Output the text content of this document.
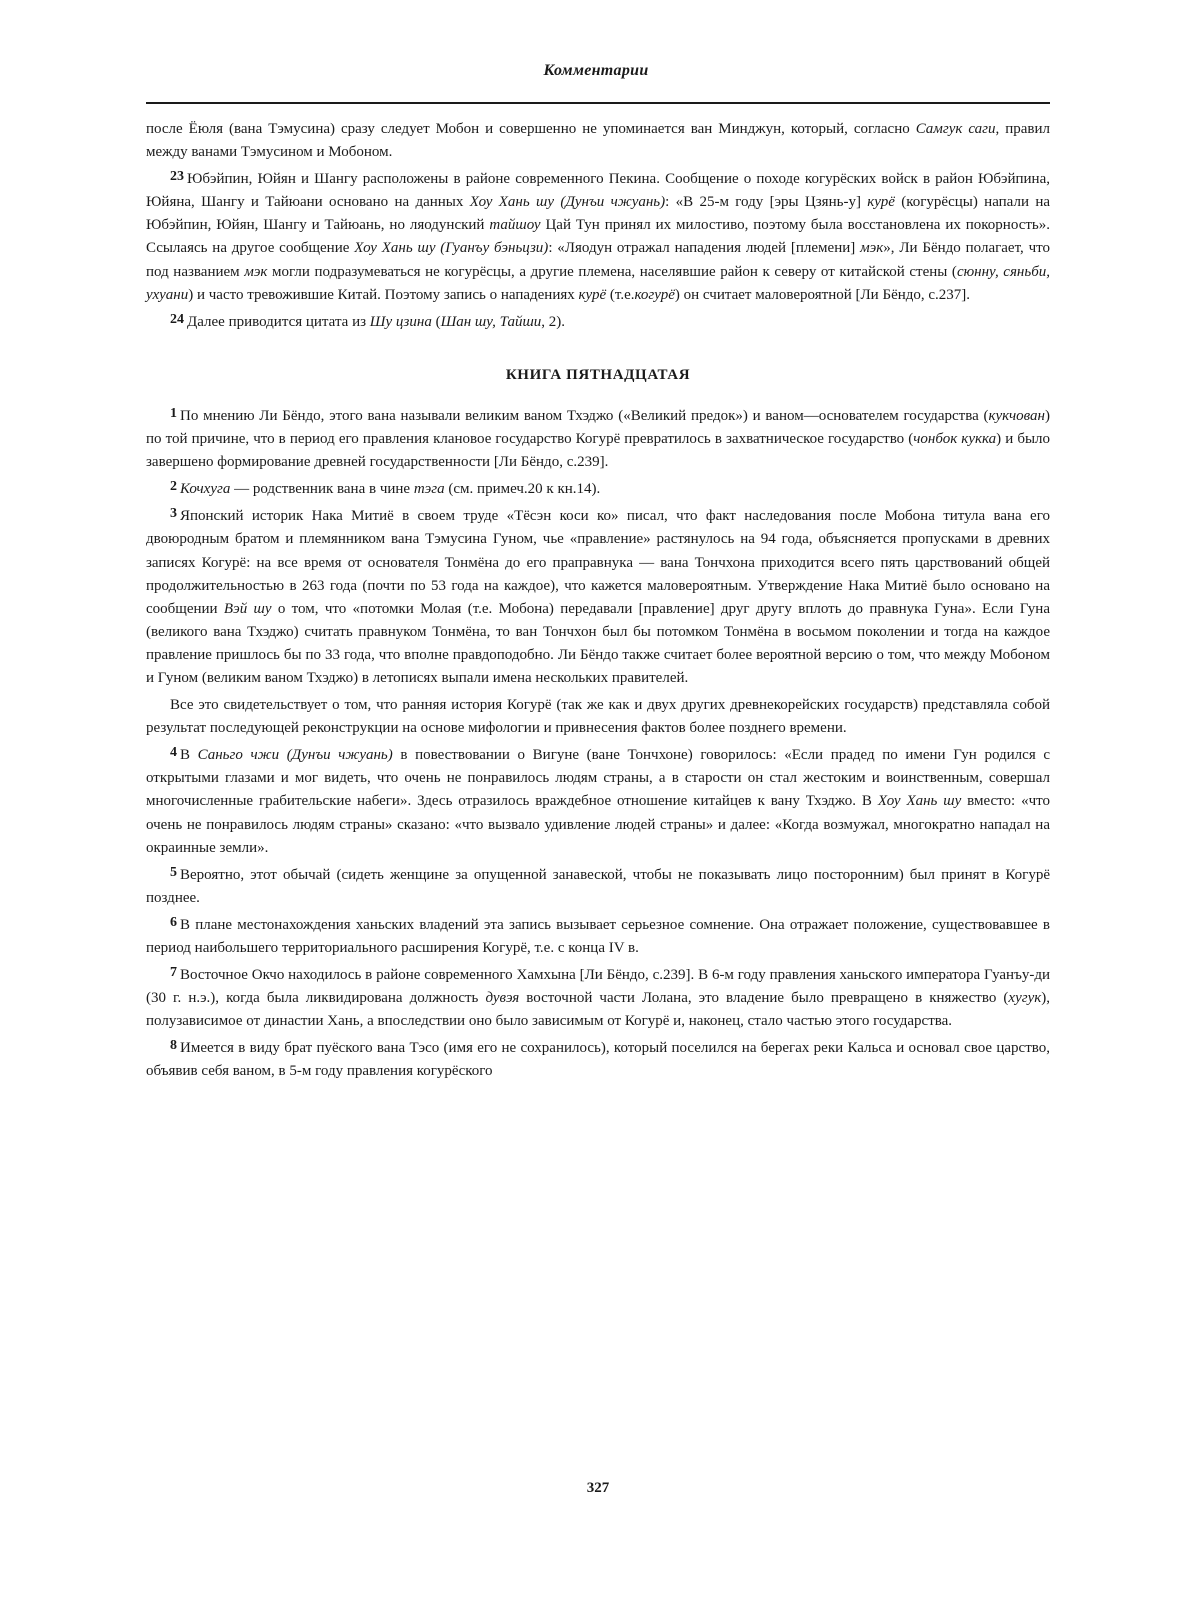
Комментарии

после Ёюля (вана Тэмусина) сразу следует Мобон и совершенно не упоминается ван Минджун, который, согласно Самгук саги, правил между ванами Тэмусином и Мобоном.

$^{23}$ Юбэйпин, Юйян и Шангу расположены в районе современного Пекина. Сообщение о походе когурёских войск в район Юбэйпина, Юйяна, Шангу и Тайюани основано на данных Хоу Хань шу (Дунъи чжуань): «В 25-м году [эры Цзянь-у] курё (когурёсцы) напали на Юбэйпин, Юйян, Шангу и Тайюань, но ляодунский тайшоу Цай Тун принял их милостиво, поэтому была восстановлена их покорность». Ссылаясь на другое сообщение Хоу Хань шу (Гуанъу бэньцзи): «Ляодун отражал нападения людей [племени] мэк», Ли Бёндо полагает, что под названием мэк могли подразумеваться не когурёсцы, а другие племена, населявшие район к северу от китайской стены (сюнну, сяньби, ухуани) и часто тревожившие Китай. Поэтому запись о нападениях курё (т.е.когурё) он считает маловероятной [Ли Бёндо, с.237].

$^{24}$ Далее приводится цитата из Шу цзина (Шан шу, Тайши, 2).

КНИГА ПЯТНАДЦАТАЯ

$^1$ По мнению Ли Бёндо, этого вана называли великим ваном Тхэджо («Великий предок») и ваном—основателем государства (кукчован) по той причине, что в период его правления клановое государство Когурё превратилось в захватническое государство (чонбок кукка) и было завершено формирование древней государственности [Ли Бёндо, с.239].

$^2$ Кочхуга — родственник вана в чине тэга (см. примеч.20 к кн.14).

$^3$ Японский историк Нака Митиё в своем труде «Тёсэн коси ко» писал, что факт наследования после Мобона титула вана его двоюродным братом и племянником вана Тэмусина Гуном, чье «правление» растянулось на 94 года, объясняется пропусками в древних записях Когурё: на все время от основателя Тонмёна до его праправнука — вана Тончхона приходится всего пять царствований общей продолжительностью в 263 года (почти по 53 года на каждое), что кажется маловероятным. Утверждение Нака Митиё было основано на сообщении Вэй шу о том, что «потомки Молая (т.е. Мобона) передавали [правление] друг другу вплоть до правнука Гуна». Если Гуна (великого вана Тхэджо) считать правнуком Тонмёна, то ван Тончхон был бы потомком Тонмёна в восьмом поколении и тогда на каждое правление пришлось бы по 33 года, что вполне правдоподобно. Ли Бёндо также считает более вероятной версию о том, что между Мобоном и Гуном (великим ваном Тхэджо) в летописях выпали имена нескольких правителей.

Все это свидетельствует о том, что ранняя история Когурё (так же как и двух других древнекорейских государств) представляла собой результат последующей реконструкции на основе мифологии и привнесения фактов более позднего времени.

$^4$ В Саньго чжи (Дунъи чжуань) в повествовании о Вигуне (ване Тончхоне) говорилось: «Если прадед по имени Гун родился с открытыми глазами и мог видеть, что очень не понравилось людям страны, а в старости он стал жестоким и воинственным, совершал многочисленные грабительские набеги». Здесь отразилось враждебное отношение китайцев к вану Тхэджо. В Хоу Хань шу вместо: «что очень не понравилось людям страны» сказано: «что вызвало удивление людей страны» и далее: «Когда возмужал, многократно нападал на окраинные земли».

$^5$ Вероятно, этот обычай (сидеть женщине за опущенной занавеской, чтобы не показывать лицо посторонним) был принят в Когурё позднее.

$^6$ В плане местонахождения ханьских владений эта запись вызывает серьезное сомнение. Она отражает положение, существовавшее в период наибольшего территориального расширения Когурё, т.е. с конца IV в.

$^7$ Восточное Окчо находилось в районе современного Хамхына [Ли Бёндо, с.239]. В 6-м году правления ханьского императора Гуанъу-ди (30 г. н.э.), когда была ликвидирована должность дувэя восточной части Лолана, это владение было превращено в княжество (хугук), полузависимое от династии Хань, а впоследствии оно было зависимым от Когурё и, наконец, стало частью этого государства.

$^8$ Имеется в виду брат пуёского вана Тэсо (имя его не сохранилось), который поселился на берегах реки Кальса и основал свое царство, объявив себя ваном, в 5-м году правления когурёского

327
